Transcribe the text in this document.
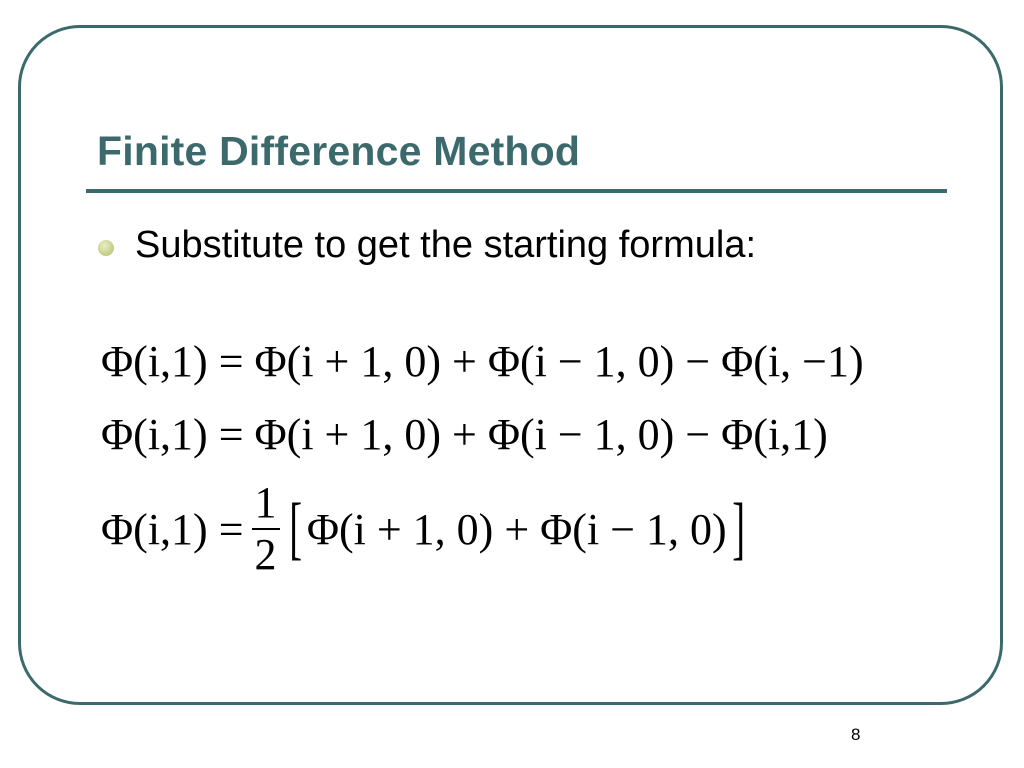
Finite Difference Method
Substitute to get the starting formula:
Φ(i,1) = Φ(i + 1, 0) + Φ(i − 1, 0) − Φ(i, −1)
Φ(i,1) = Φ(i + 1, 0) + Φ(i − 1, 0) − Φ(i,1)
$\Phi(i,1) = \frac{1}{2}$ [ Φ(i + 1, 0) + Φ(i − 1, 0) ]
8
